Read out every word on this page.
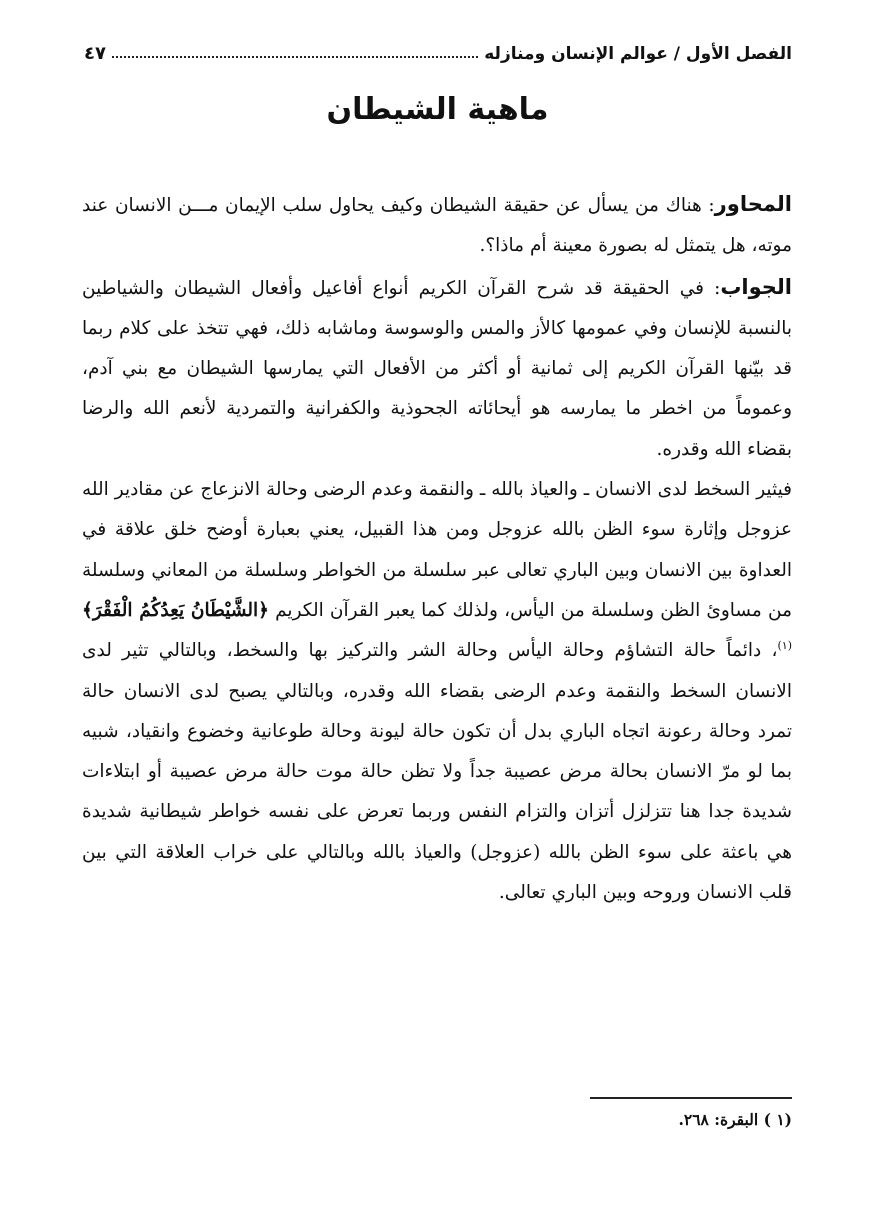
الفصل الأول / عوالم الإنسان ومنازله
٤٧
ماهية الشيطان

المحاور: هناك من يسأل عن حقيقة الشيطان وكيف يحاول سلب الإيمان مـــن الانسان عند موته، هل يتمثل له بصورة معينة أم ماذا؟.

الجواب: في الحقيقة قد شرح القرآن الكريم أنواع أفاعيل وأفعال الشيطان والشياطين بالنسبة للإنسان وفي عمومها كالأز والمس والوسوسة وماشابه ذلك، فهي تتخذ على كلام ربما قد بيّنها القرآن الكريم إلى ثمانية أو أكثر من الأفعال التي يمارسها الشيطان مع بني آدم، وعموماً من اخطر ما يمارسه هو أيحائاته الجحوذية والكفرانية والتمردية لأنعم الله والرضا بقضاء الله وقدره.

فيثير السخط لدى الانسان ـ والعياذ بالله ـ والنقمة وعدم الرضى وحالة الانزعاج عن مقادير الله عزوجل وإثارة سوء الظن بالله عزوجل ومن هذا القبيل، يعني بعبارة أوضح خلق علاقة في العداوة بين الانسان وبين الباري تعالى عبر سلسلة من الخواطر وسلسلة من المعاني وسلسلة من مساوئ الظن وسلسلة من اليأس، ولذلك كما يعبر القرآن الكريم ﴿الشَّيْطَانُ يَعِدُكُمُ الْفَقْرَ﴾$^{(١)}$، دائماً حالة التشاؤم وحالة اليأس وحالة الشر والتركيز بها والسخط، وبالتالي تثير لدى الانسان السخط والنقمة وعدم الرضى بقضاء الله وقدره، وبالتالي يصبح لدى الانسان حالة تمرد وحالة رعونة اتجاه الباري بدل أن تكون حالة ليونة وحالة طوعانية وخضوع وانقياد، شبيه بما لو مرّ الانسان بحالة مرض عصيبة جداً ولا تظن حالة موت حالة مرض عصيبة أو ابتلاءات شديدة جدا هنا تتزلزل أتزان والتزام النفس وربما تعرض على نفسه خواطر شيطانية شديدة هي باعثة على سوء الظن بالله (عزوجل) والعياذ بالله وبالتالي على خراب العلاقة التي بين قلب الانسان وروحه وبين الباري تعالى.

(١ ) البقرة: ٢٦٨.
